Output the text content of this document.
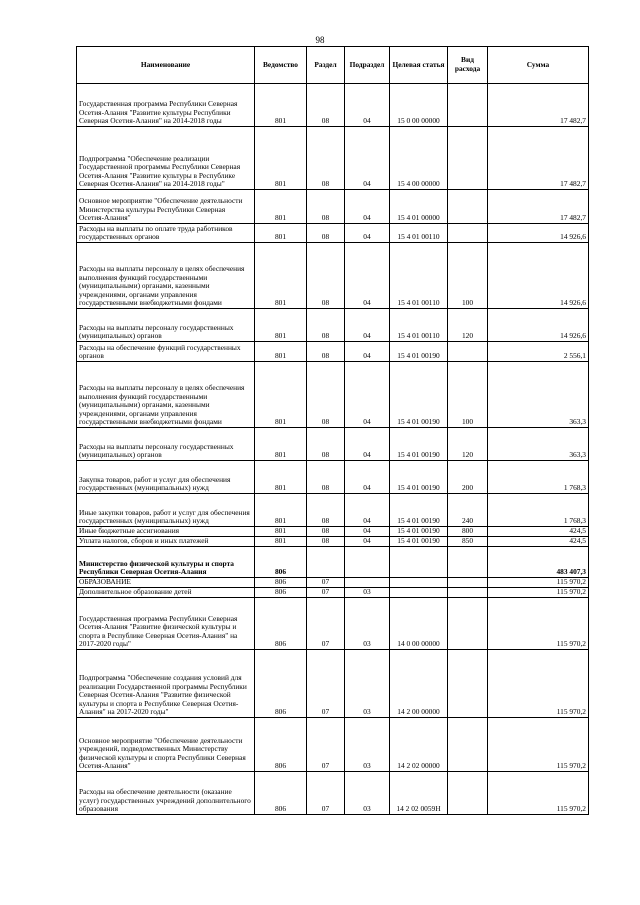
98
Наименование	Ведомство	Раздел	Подраздел	Целевая статья	Вид расхода	Сумма
Государственная программа Республики Северная Осетия-Алания "Развитие культуры Республики Северная Осетия-Алания" на 2014-2018 годы	801	08	04	15 0 00 00000		17 482,7
Подпрограмма "Обеспечение реализации Государственной программы Республики Северная Осетия-Алания "Развитие культуры в Республике Северная Осетия-Алания" на 2014-2018 годы"	801	08	04	15 4 00 00000		17 482,7
Основное мероприятие "Обеспечение деятельности Министерства культуры Республики Северная Осетия-Алания"	801	08	04	15 4 01 00000		17 482,7
Расходы на выплаты по оплате труда работников государственных органов	801	08	04	15 4 01 00110		14 926,6
Расходы на выплаты персоналу в целях обеспечения выполнения функций государственными (муниципальными) органами, казенными учреждениями, органами управления государственными внебюджетными фондами	801	08	04	15 4 01 00110	100	14 926,6
Расходы на выплаты персоналу государственных (муниципальных) органов	801	08	04	15 4 01 00110	120	14 926,6
Расходы на обеспечение функций государственных органов	801	08	04	15 4 01 00190		2 556,1
Расходы на выплаты персоналу в целях обеспечения выполнения функций государственными (муниципальными) органами, казенными учреждениями, органами управления государственными внебюджетными фондами	801	08	04	15 4 01 00190	100	363,3
Расходы на выплаты персоналу государственных (муниципальных) органов	801	08	04	15 4 01 00190	120	363,3
Закупка товаров, работ и услуг для обеспечения государственных (муниципальных) нужд	801	08	04	15 4 01 00190	200	1 768,3
Иные закупки товаров, работ и услуг для обеспечения государственных (муниципальных) нужд	801	08	04	15 4 01 00190	240	1 768,3
Иные бюджетные ассигнования	801	08	04	15 4 01 00190	800	424,5
Уплата налогов, сборов и иных платежей	801	08	04	15 4 01 00190	850	424,5
Министерство физической культуры и спорта Республики Северная Осетия-Алания	806					483 407,3
ОБРАЗОВАНИЕ	806	07				115 970,2
Дополнительное образование детей	806	07	03			115 970,2
Государственная программа Республики Северная Осетия-Алания "Развитие физической культуры и спорта в Республике Северная Осетия-Алания" на 2017-2020 годы"	806	07	03	14 0 00 00000		115 970,2
Подпрограмма "Обеспечение создания условий для реализации Государственной программы Республики Северная Осетия-Алания "Развитие физической культуры и спорта в Республике Северная Осетия-Алания" на 2017-2020 годы"	806	07	03	14 2 00 00000		115 970,2
Основное мероприятие "Обеспечение деятельности учреждений, подведомственных Министерству физической культуры и спорта Республики Северная Осетия-Алания"	806	07	03	14 2 02 00000		115 970,2
Расходы на обеспечение деятельности (оказание услуг) государственных учреждений дополнительного образования	806	07	03	14 2 02 0059Н		115 970,2
